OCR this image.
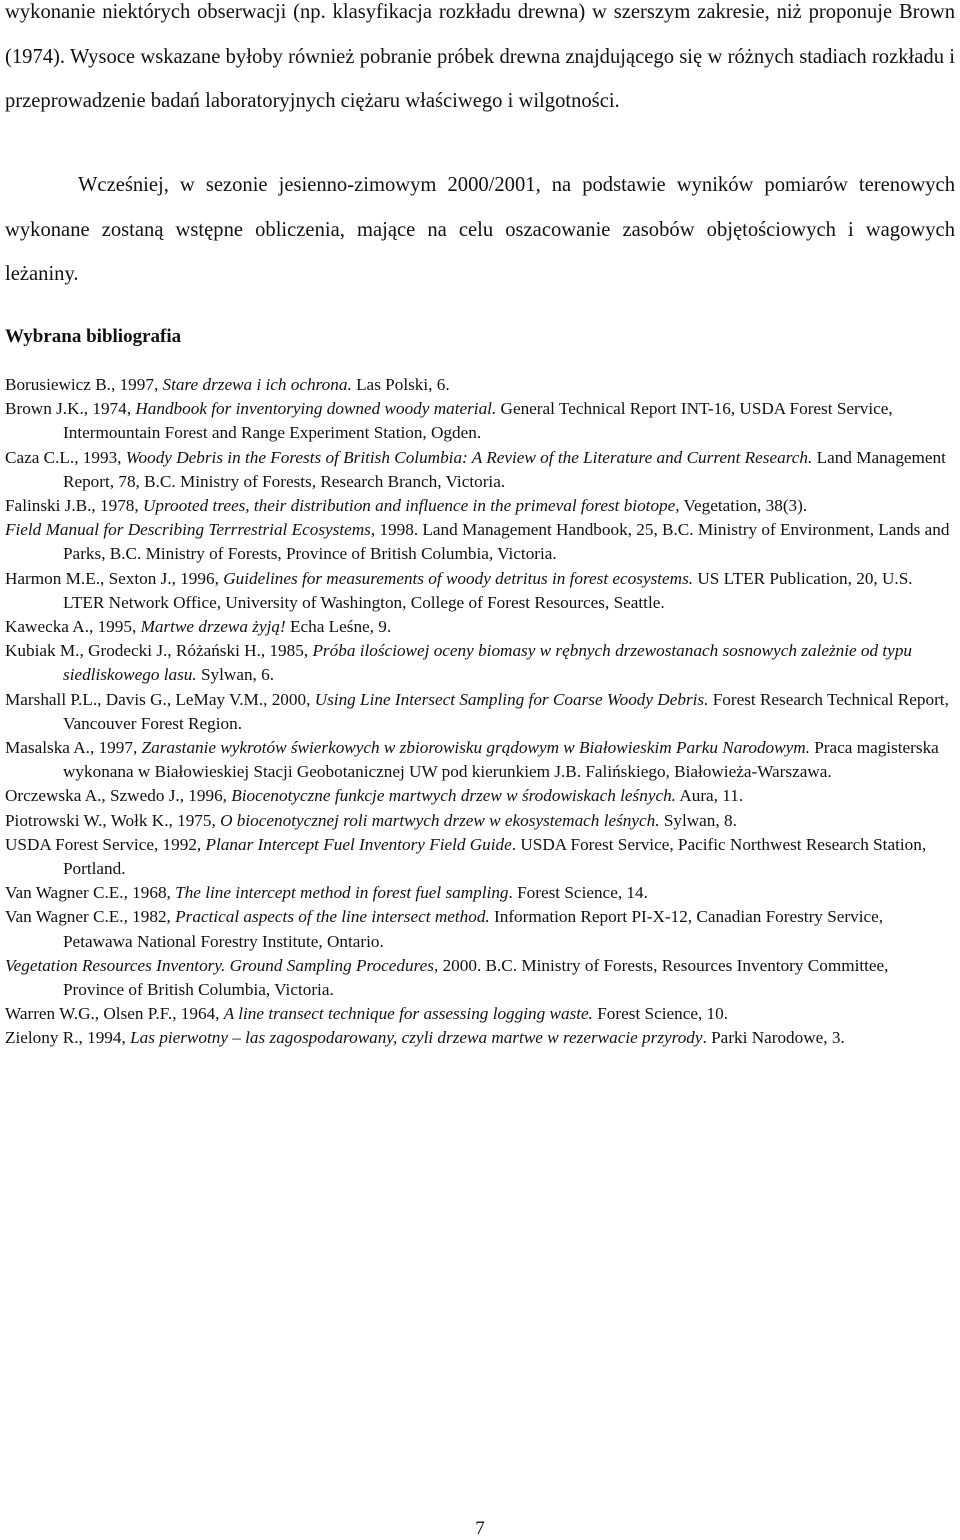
wykonanie niektórych obserwacji (np. klasyfikacja rozkładu drewna) w szerszym zakresie, niż proponuje Brown (1974). Wysoce wskazane byłoby również pobranie próbek drewna znajdującego się w różnych stadiach rozkładu i przeprowadzenie badań laboratoryjnych ciężaru właściwego i wilgotności.

Wcześniej, w sezonie jesienno-zimowym 2000/2001, na podstawie wyników pomiarów terenowych wykonane zostaną wstępne obliczenia, mające na celu oszacowanie zasobów objętościowych i wagowych leżaniny.

Wybrana bibliografia
Borusiewicz B., 1997, Stare drzewa i ich ochrona. Las Polski, 6.
Brown J.K., 1974, Handbook for inventorying downed woody material. General Technical Report INT-16, USDA Forest Service, Intermountain Forest and Range Experiment Station, Ogden.
Caza C.L., 1993, Woody Debris in the Forests of British Columbia: A Review of the Literature and Current Research. Land Management Report, 78, B.C. Ministry of Forests, Research Branch, Victoria.
Falinski J.B., 1978, Uprooted trees, their distribution and influence in the primeval forest biotope, Vegetation, 38(3).
Field Manual for Describing Terrrestrial Ecosystems, 1998. Land Management Handbook, 25, B.C. Ministry of Environment, Lands and Parks, B.C. Ministry of Forests, Province of British Columbia, Victoria.
Harmon M.E., Sexton J., 1996, Guidelines for measurements of woody detritus in forest ecosystems. US LTER Publication, 20, U.S. LTER Network Office, University of Washington, College of Forest Resources, Seattle.
Kawecka A., 1995, Martwe drzewa żyją! Echa Leśne, 9.
Kubiak M., Grodecki J., Różański H., 1985, Próba ilościowej oceny biomasy w rębnych drzewostanach sosnowych zależnie od typu siedliskowego lasu. Sylwan, 6.
Marshall P.L., Davis G., LeMay V.M., 2000, Using Line Intersect Sampling for Coarse Woody Debris. Forest Research Technical Report, Vancouver Forest Region.
Masalska A., 1997, Zarastanie wykrotów świerkowych w zbiorowisku grądowym w Białowieskim Parku Narodowym. Praca magisterska wykonana w Białowieskiej Stacji Geobotanicznej UW pod kierunkiem J.B. Falińskiego, Białowieża-Warszawa.
Orczewska A., Szwedo J., 1996, Biocenotyczne funkcje martwych drzew w środowiskach leśnych. Aura, 11.
Piotrowski W., Wołk K., 1975, O biocenotycznej roli martwych drzew w ekosystemach leśnych. Sylwan, 8.
USDA Forest Service, 1992, Planar Intercept Fuel Inventory Field Guide. USDA Forest Service, Pacific Northwest Research Station, Portland.
Van Wagner C.E., 1968, The line intercept method in forest fuel sampling. Forest Science, 14.
Van Wagner C.E., 1982, Practical aspects of the line intersect method. Information Report PI-X-12, Canadian Forestry Service, Petawawa National Forestry Institute, Ontario.
Vegetation Resources Inventory. Ground Sampling Procedures, 2000. B.C. Ministry of Forests, Resources Inventory Committee, Province of British Columbia, Victoria.
Warren W.G., Olsen P.F., 1964, A line transect technique for assessing logging waste. Forest Science, 10.
Zielony R., 1994, Las pierwotny – las zagospodarowany, czyli drzewa martwe w rezerwacie przyrody. Parki Narodowe, 3.
7
